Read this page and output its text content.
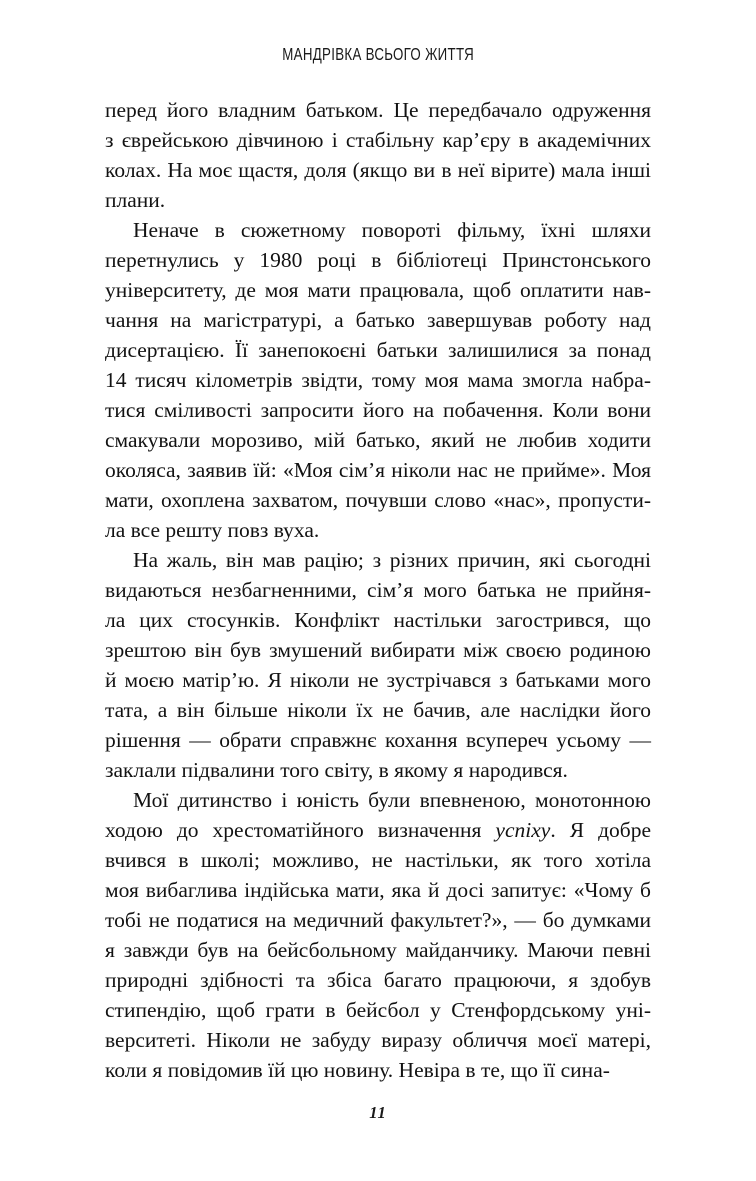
МАНДРІВКА ВСЬОГО ЖИТТЯ
перед його владним батьком. Це передбачало одруження
з єврейською дівчиною і стабільну кар’єру в академічних
колах. На моє щастя, доля (якщо ви в неї вірите) мала інші
плани.
Неначе в сюжетному повороті фільму, їхні шляхи
перетнулись у 1980 році в бібліотеці Принстонського
університету, де моя мати працювала, щоб оплатити нав-
чання на магістратурі, а батько завершував роботу над
дисертацією. Її занепокоєні батьки залишилися за понад
14 тисяч кілометрів звідти, тому моя мама змогла набра-
тися сміливості запросити його на побачення. Коли вони
смакували морозиво, мій батько, який не любив ходити
околяса, заявив їй: «Моя сім’я ніколи нас не прийме». Моя
мати, охоплена захватом, почувши слово «нас», пропусти-
ла все решту повз вуха.
На жаль, він мав рацію; з різних причин, які сьогодні
видаються незбагненними, сім’я мого батька не прийня-
ла цих стосунків. Конфлікт настільки загострився, що
зрештою він був змушений вибирати між своєю родиною
й моєю матір’ю. Я ніколи не зустрічався з батьками мого
тата, а він більше ніколи їх не бачив, але наслідки його
рішення — обрати справжнє кохання всупереч усьому —
заклали підвалини того світу, в якому я народився.
Мої дитинство і юність були впевненою, монотонною
ходою до хрестоматійного визначення успіху. Я добре
вчився в школі; можливо, не настільки, як того хотіла
моя вибаглива індійська мати, яка й досі запитує: «Чому б
тобі не податися на медичний факультет?», — бо думками
я завжди був на бейсбольному майданчику. Маючи певні
природні здібності та збіса багато працюючи, я здобув
стипендію, щоб грати в бейсбол у Стенфордському уні-
верситеті. Ніколи не забуду виразу обличчя моєї матері,
коли я повідомив їй цю новину. Невіра в те, що її сина-
11
